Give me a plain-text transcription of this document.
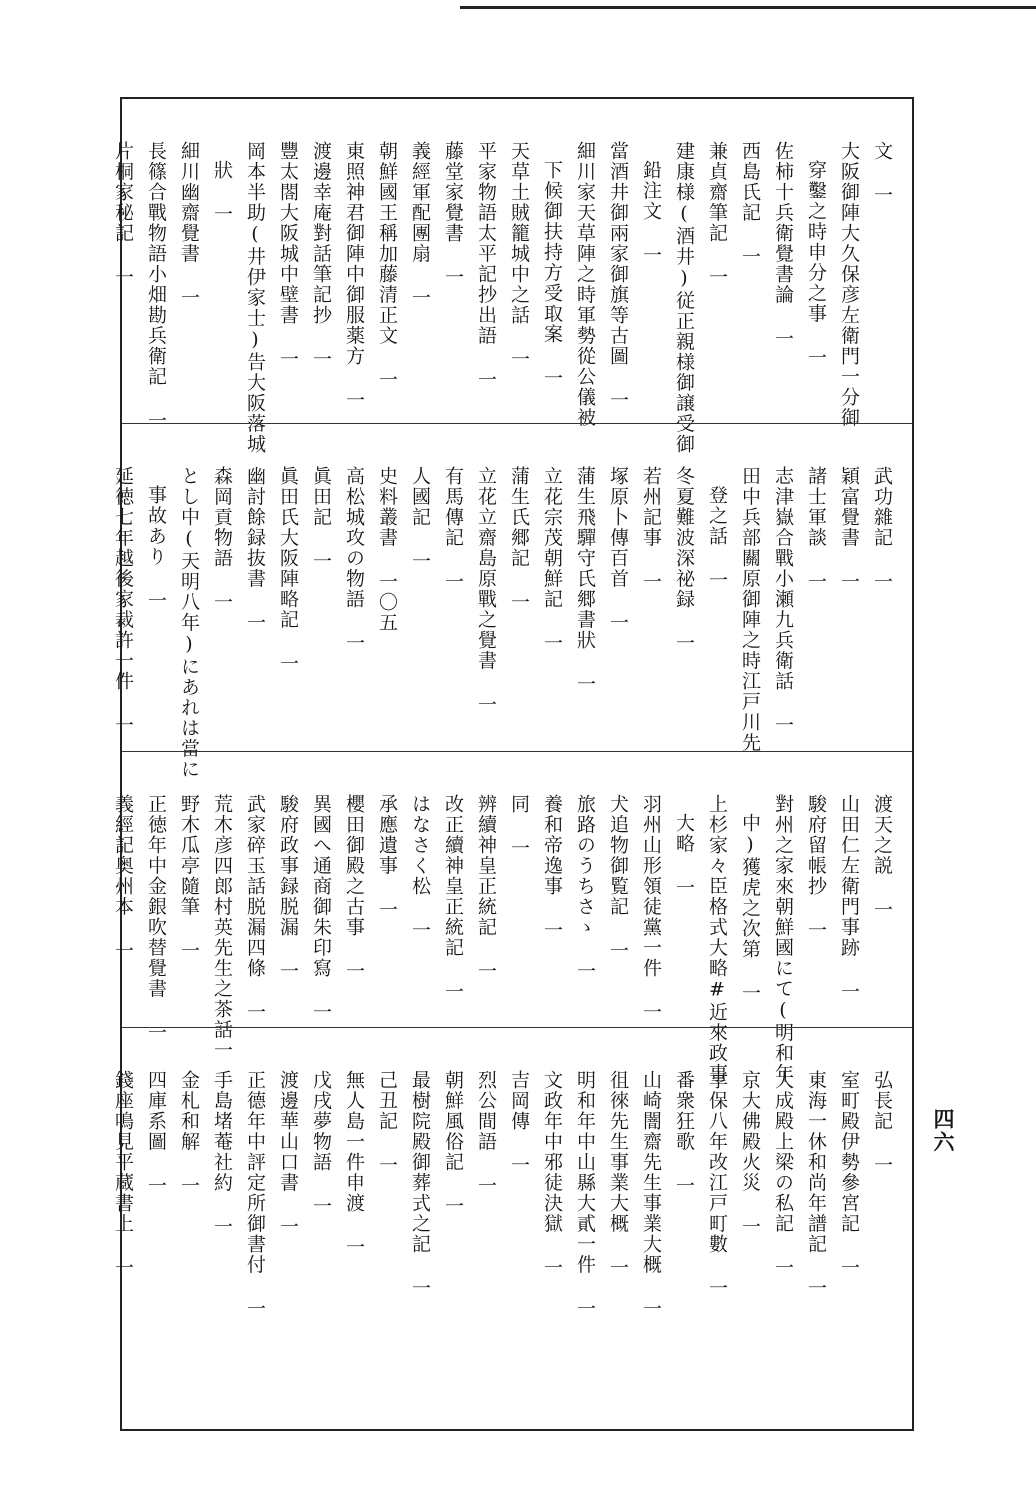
文 一
大阪御陣大久保彦左衛門一分御
穿鑿之時申分之事 一
佐柿十兵衛覺書論 一
西島氏記 一
兼貞齋筆記 一
建康様(酒井)従正親様御譲受御
鉛注文 一
當酒井御兩家御旗等古圖 一
細川家天草陣之時軍勢從公儀被
下候御扶持方受取案 一
天草土賊籠城中之話 一
平家物語太平記抄出語 一
藤堂家覺書 一
義經軍配團扇 一
朝鮮國王稱加藤清正文 一
東照神君御陣中御服薬方 一
渡邊幸庵對話筆記抄 一
豐太閤大阪城中壁書 一
岡本半助(井伊家士)告大阪落城
狀 一
細川幽齋覺書 一
長篠合戰物語小畑勘兵衛記 一
片桐家秘記 一
武功雜記 一
穎富覺書 一
諸士軍談 一
志津嶽合戰小瀬九兵衛話 一
田中兵部關原御陣之時江戸川先
登之話 一
冬夏難波深祕録 一
若州記事 一
塚原卜傳百首 一
蒲生飛驒守氏郷書狀 一
立花宗茂朝鮮記 一
蒲生氏郷記 一
立花立齋島原戰之覺書 一
有馬傳記 一
人國記 一
史料叢書 一〇五
高松城攻の物語 一
眞田記 一
眞田氏大阪陣略記 一
幽討餘録抜書 一
森岡貢物語 一
とし中(天明八年)にあれは當に
事故あり 一
延徳七年越後家裁許一件 一
渡天之説 一
山田仁左衛門事跡 一
駿府留帳抄 一
對州之家來朝鮮國にて(明和年
中)獲虎之次第 一
上杉家々臣格式大略#近來政事
大略 一
羽州山形領徒黨一件 一
犬追物御覧記 一
旅路のうちさゝ 一
養和帝逸事 一
同 一
辨續神皇正統記 一
改正續神皇正統記 一
はなさく松 一
承應遺事 一
櫻田御殿之古事 一
異國へ通商御朱印寫 一
駿府政事録脱漏 一
武家碎玉話脱漏四條 一
荒木彦四郎村英先生之茶話一
野木瓜亭隨筆 一
正徳年中金銀吹替覺書 一
義經記奥州本 一
弘長記 一
室町殿伊勢參宮記 一
東海一休和尚年譜記 一
大成殿上梁の私記 一
京大佛殿火災 一
享保八年改江戸町數 一
番衆狂歌 一
山崎闇齋先生事業大概 一
徂徠先生事業大概 一
明和年中山縣大貳一件 一
文政年中邪徒決獄 一
吉岡傳 一
烈公間語 一
朝鮮風俗記 一
最樹院殿御葬式之記 一
己丑記 一
無人島一件申渡 一
戊戌夢物語 一
渡邊華山口書 一
正德年中評定所御書付 一
手島堵菴社約 一
金札和解 一
四庫系圖 一
錢座鳴見平蔵書上 一	四六
